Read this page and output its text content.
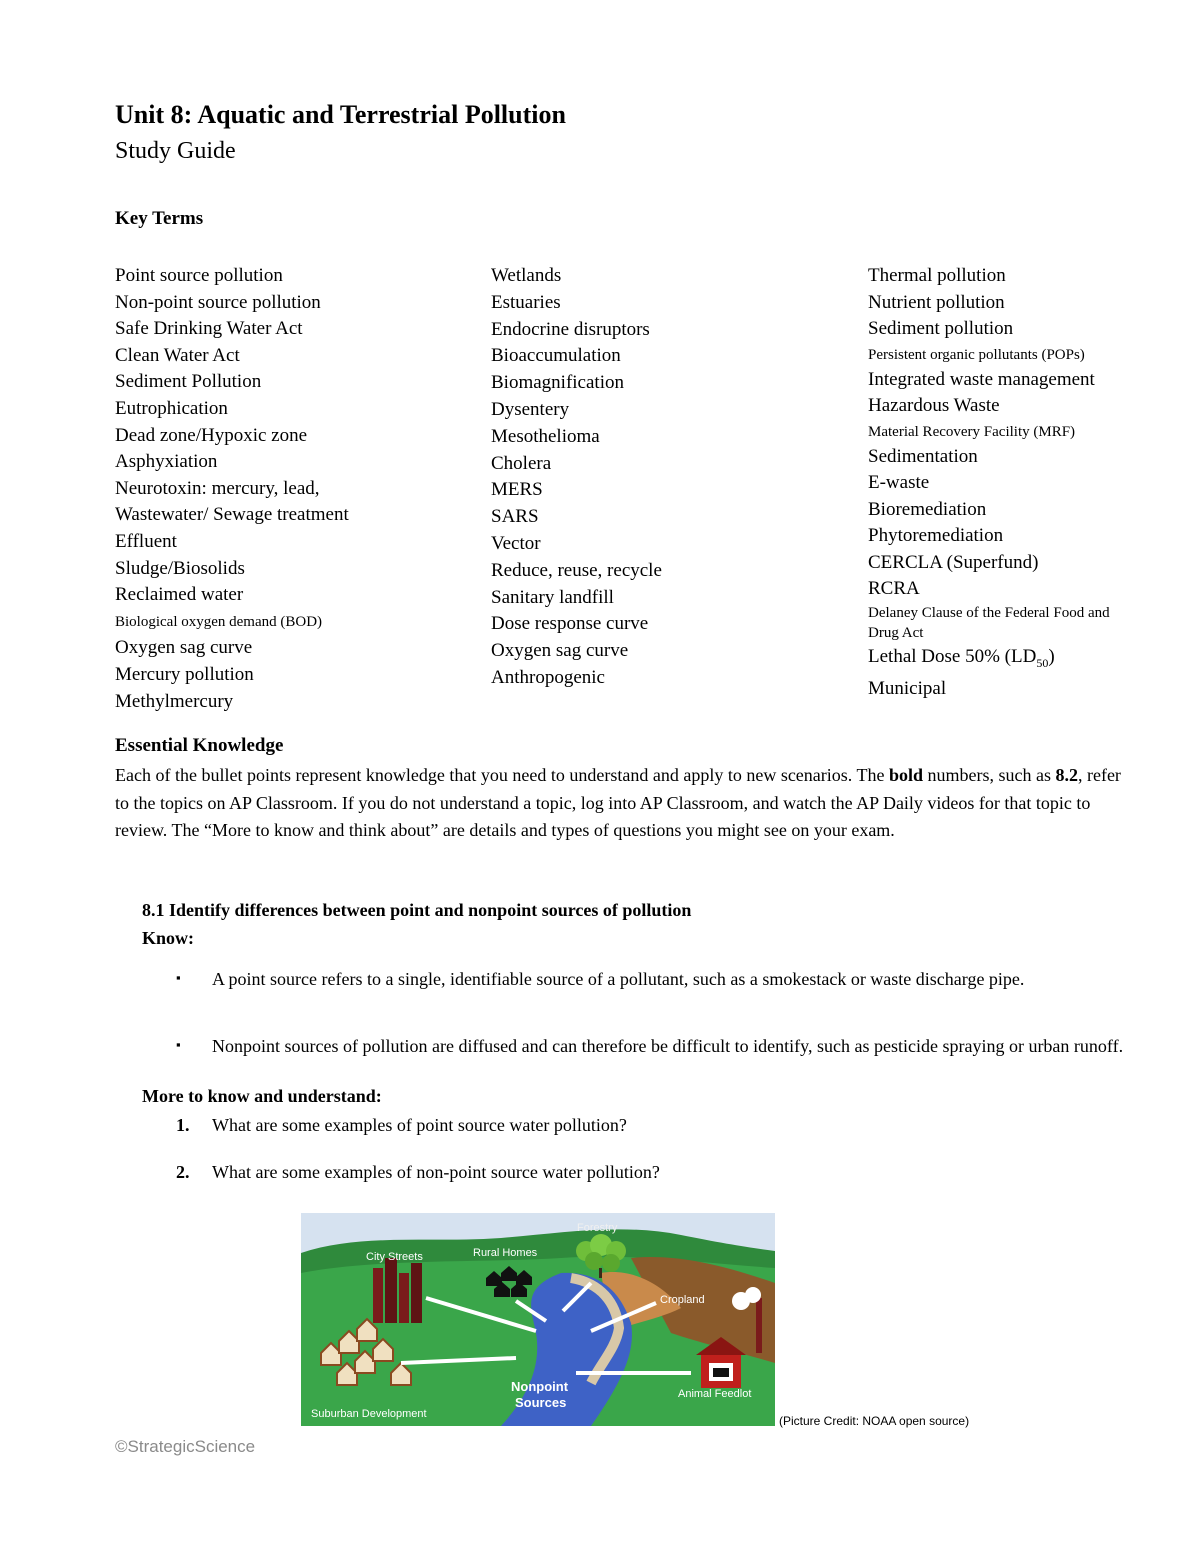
Unit 8: Aquatic and Terrestrial Pollution
Study Guide
Key Terms
Point source pollution
Non-point source pollution
Safe Drinking Water Act
Clean Water Act
Sediment Pollution
Eutrophication
Dead zone/Hypoxic zone
Asphyxiation
Neurotoxin: mercury, lead,
Wastewater/ Sewage treatment
Effluent
Sludge/Biosolids
Reclaimed water
Biological oxygen demand (BOD)
Oxygen sag curve
Mercury pollution
Methylmercury
Wetlands
Estuaries
Endocrine disruptors
Bioaccumulation
Biomagnification
Dysentery
Mesothelioma
Cholera
MERS
SARS
Vector
Reduce, reuse, recycle
Sanitary landfill
Dose response curve
Oxygen sag curve
Anthropogenic
Thermal pollution
Nutrient pollution
Sediment pollution
Persistent organic pollutants (POPs)
Integrated waste management
Hazardous Waste
Material Recovery Facility (MRF)
Sedimentation
E-waste
Bioremediation
Phytoremediation
CERCLA (Superfund)
RCRA
Delaney Clause of the Federal Food and
Drug Act
Lethal Dose 50% $(LD_{50})$
Municipal
Essential Knowledge
Each of the bullet points represent knowledge that you need to understand and apply to new scenarios. The bold numbers, such as 8.2, refer to the topics on AP Classroom. If you do not understand a topic, log into AP Classroom, and watch the AP Daily videos for that topic to review. The “More to know and think about” are details and types of questions you might see on your exam.
8.1 Identify differences between point and nonpoint sources of pollution
Know:
▪ A point source refers to a single, identifiable source of a pollutant, such as a smokestack or waste discharge pipe.
▪ Nonpoint sources of pollution are diffused and can therefore be difficult to identify, such as pesticide spraying or urban runoff.
More to know and understand:
1. What are some examples of point source water pollution?
2. What are some examples of non-point source water pollution?
City Streets	Rural Homes
Forestry
Cropland
Nonpoint
Sources
Suburban Development
Animal Feedlot
(Picture Credit: NOAA open source)
©StrategicScience
